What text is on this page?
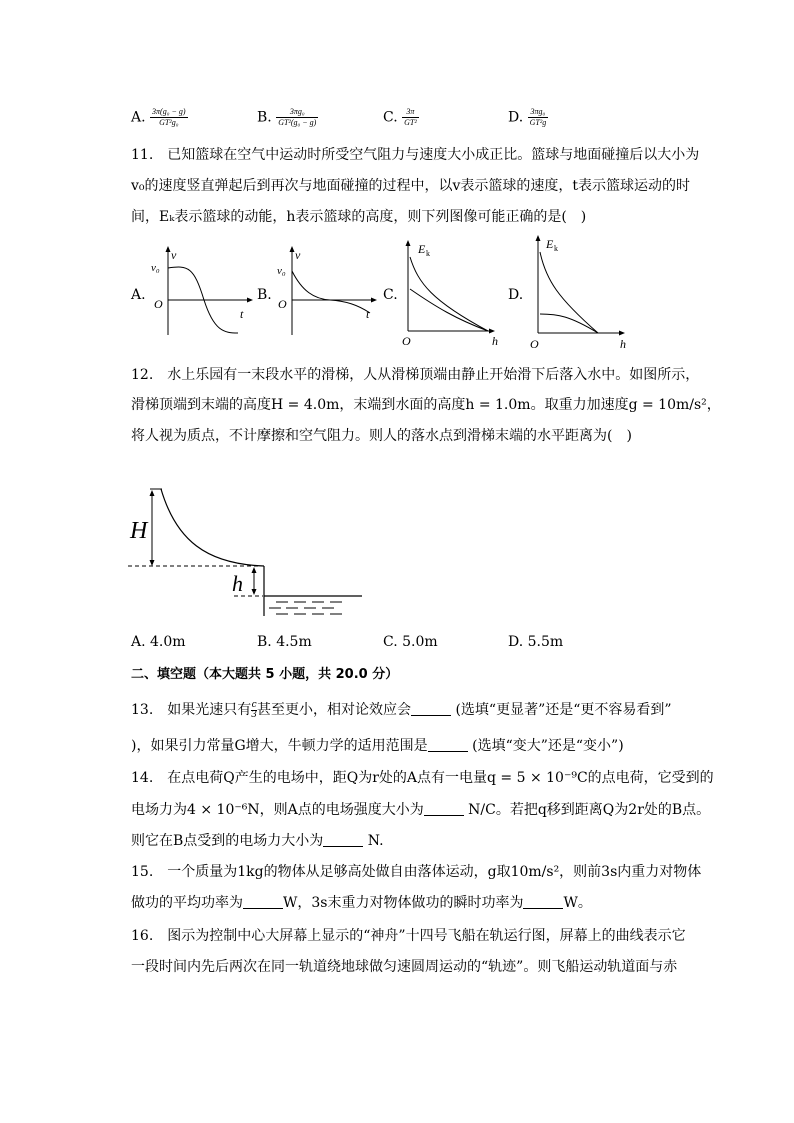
A. $\frac{\text{3π(g₀ − g)}}{\text{GT²g₀}}$	B. $\frac{\text{3πg₀}}{\text{GT²(g₀ − g)}}$	C. $\frac{3\pi}{\text{GT²}}$	D. $\frac{\text{3πg₀}}{\text{GT²g}}$
11.　已知篮球在空气中运动时所受空气阻力与速度大小成正比。篮球与地面碰撞后以大小为
v₀的速度竖直弹起后到再次与地面碰撞的过程中，以v表示篮球的速度，t表示篮球运动的时
间，Eₖ表示篮球的动能，h表示篮球的高度，则下列图像可能正确的是(　)
A.
v
v₀
O
t
B.
v
v₀
O
t
C.
E k
O	h
D.
E k
O	h
12.　水上乐园有一末段水平的滑梯，人从滑梯顶端由静止开始滑下后落入水中。如图所示，
滑梯顶端到末端的高度H = 4.0m，末端到水面的高度h = 1.0m。取重力加速度g = 10m/s²，
将人视为质点，不计摩擦和空气阻力。则人的落水点到滑梯末端的水平距离为(　)
H
h
A. 4.0m	B. 4.5m	C. 5.0m	D. 5.5m
二、填空题（本大题共 5 小题，共 20.0 分）
13.　如果光速只有 $\frac{c}{3}$ 甚至更小，相对论效应会	(选填“更显著”还是“更不容易看到”
)，如果引力常量G增大，牛顿力学的适用范围是	(选填“变大”还是“变小”)
14.　在点电荷Q产生的电场中，距Q为r处的A点有一电量q = 5 × 10⁻⁹C的点电荷，它受到的
电场力为4 × 10⁻⁶N，则A点的电场强度大小为	N/C。若把q移到距离Q为2r处的B点。
则它在B点受到的电场力大小为	N.
15.　一个质量为1kg的物体从足够高处做自由落体运动，g取10m/s²，则前3s内重力对物体
做功的平均功率为	W，3s末重力对物体做功的瞬时功率为	W。
16.　图示为控制中心大屏幕上显示的“神舟”十四号飞船在轨运行图，屏幕上的曲线表示它
一段时间内先后两次在同一轨道绕地球做匀速圆周运动的“轨迹”。则飞船运动轨道面与赤
